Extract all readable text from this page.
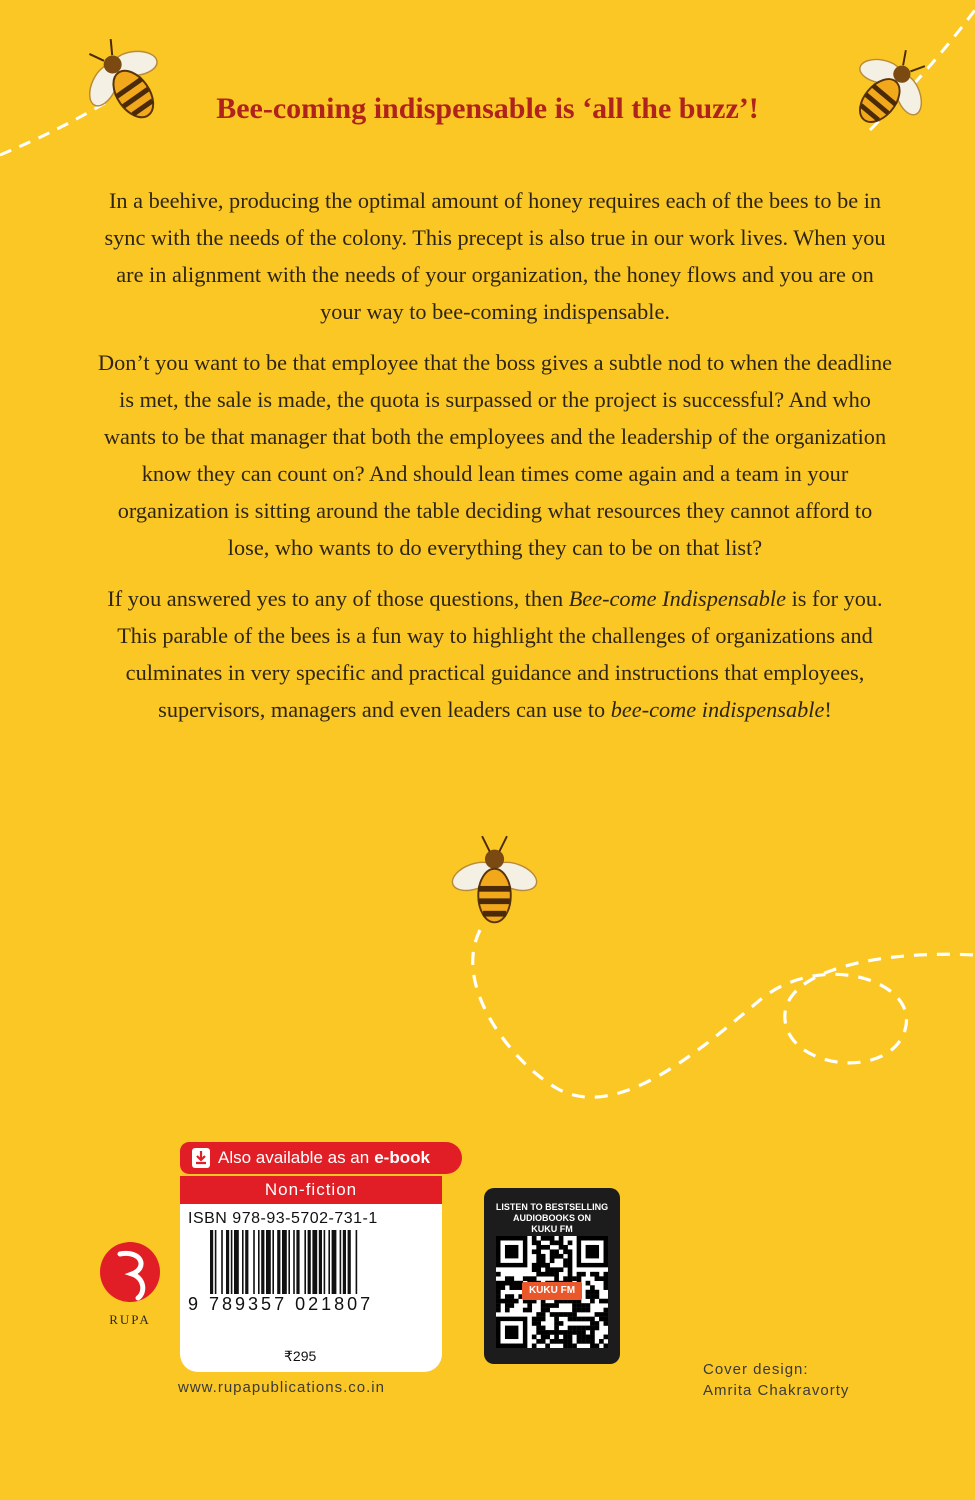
Bee-coming indispensable is ‘all the buzz’!

In a beehive, producing the optimal amount of honey requires each of the bees to be in sync with the needs of the colony. This precept is also true in our work lives. When you are in alignment with the needs of your organization, the honey flows and you are on your way to bee-coming indispensable.

Don’t you want to be that employee that the boss gives a subtle nod to when the deadline is met, the sale is made, the quota is surpassed or the project is successful? And who wants to be that manager that both the employees and the leadership of the organization know they can count on? And should lean times come again and a team in your organization is sitting around the table deciding what resources they cannot afford to lose, who wants to do everything they can to be on that list?

If you answered yes to any of those questions, then Bee-come Indispensable is for you. This parable of the bees is a fun way to highlight the challenges of organizations and culminates in very specific and practical guidance and instructions that employees, supervisors, managers and even leaders can use to bee-come indispensable!

Also available as an e-book
Non-fiction
ISBN 978-93-5702-731-1
9 789357 021807
₹295
www.rupapublications.co.in
RUPA
LISTEN TO BESTSELLING
AUDIOBOOKS ON
KUKU FM
KUKU FM
Cover design:
Amrita Chakravorty
